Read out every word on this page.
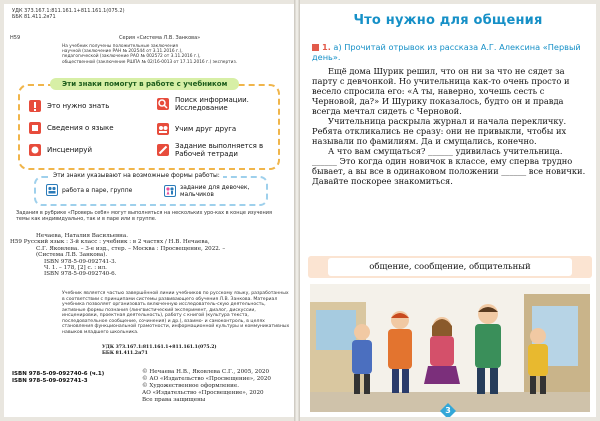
УДК 373.167.1:811.161.1+811.161.1(075.2)
ББК 81.411.2я71
Н59	Серия «Система Л.В. Занкова»
На учебник получены положительные заключения
научной (заключение РАН № 202544 от 3.11.2016 г.),
педагогической (заключение РАО № 002572 от 3.11.2016 г.),
общественной (заключение РШПА № 02/16-0013 от 17.11.2016 г.) экспертиз.
Эти знаки помогут в работе с учебником
Это нужно знать
Сведения о языке
Инсценируй
Поиск информации. Исследование
Учим друг друга
Задание выполняется в Рабочей тетради
Эти знаки указывают на возможные формы работы:
работа в паре, группе	задание для девочек, мальчиков
Задания в рубрике «Проверь себя» могут выполняться на нескольких уро-ках в конце изучения темы как индивидуально, так и в паре или в группе.
Нечаева, Наталия Васильевна.
Н59 Русский язык : 3-й класс : учебник : в 2 частях / Н.В. Нечаева,
С.Г. Яковлева. – 3-е изд., стер. – Москва : Просвещение, 2022. –
(Система Л.В. Занкова).
ISBN 978-5-09-092741-3.
Ч. 1. – 178, [2] с. : ил.
ISBN 978-5-09-092740-6.
Учебник является частью завершённой линии учебников по русскому языку, разработанных в соответствии с принципами системы развивающего обучения Л.В. Занкова. Материал учебника позволяет организовать включенную исследователь-скую деятельность, активные формы познания (лингвистический эксперимент, диалог, дискуссии, инсценировки, проектная деятельность), работу с книгой (культура текста, последовательное сообщение, сочинения) и др.), взаимо- и самоконтроль, в целях становления функциональной грамотности, информационной культуры и коммуникативных навыков младшего школьника.
УДК 373.167.1:811.161.1+811.161.1(075.2)
ББК 81.411.2я71
ISBN 978-5-09-092740-6 (ч.1)
ISBN 978-5-09-092741-3
© Нечаева Н.В., Яковлева С.Г., 2005, 2020
© АО «Издательство «Просвещение», 2020
© Художественное оформление.
АО «Издательство «Просвещение», 2020
Все права защищены
Что нужно для общения
1. а) Прочитай отрывок из рассказа А.Г. Алексина «Первый день».

Ещё дома Шурик решил, что он ни за что не сядет за парту с девчонкой. Но учительница как-то очень просто и весело спросила его: «А ты, наверно, хочешь сесть с Черновой, да?» И Шурику показалось, будто он и правда всегда мечтал сидеть с Черновой.

Учительница раскрыла журнал и начала перекличку. Ребята откликались не сразу: они не привыкли, чтобы их называли по фамилиям. Да и смущались, конечно.

А что вам смущаться? ______ удивилась учительница. ______ Это когда один новичок в классе, ему сперва трудно бывает, а вы все в одинаковом положении ______ все новички. Давайте поскорее знакомиться.

общение, сообщение, общительный
3
